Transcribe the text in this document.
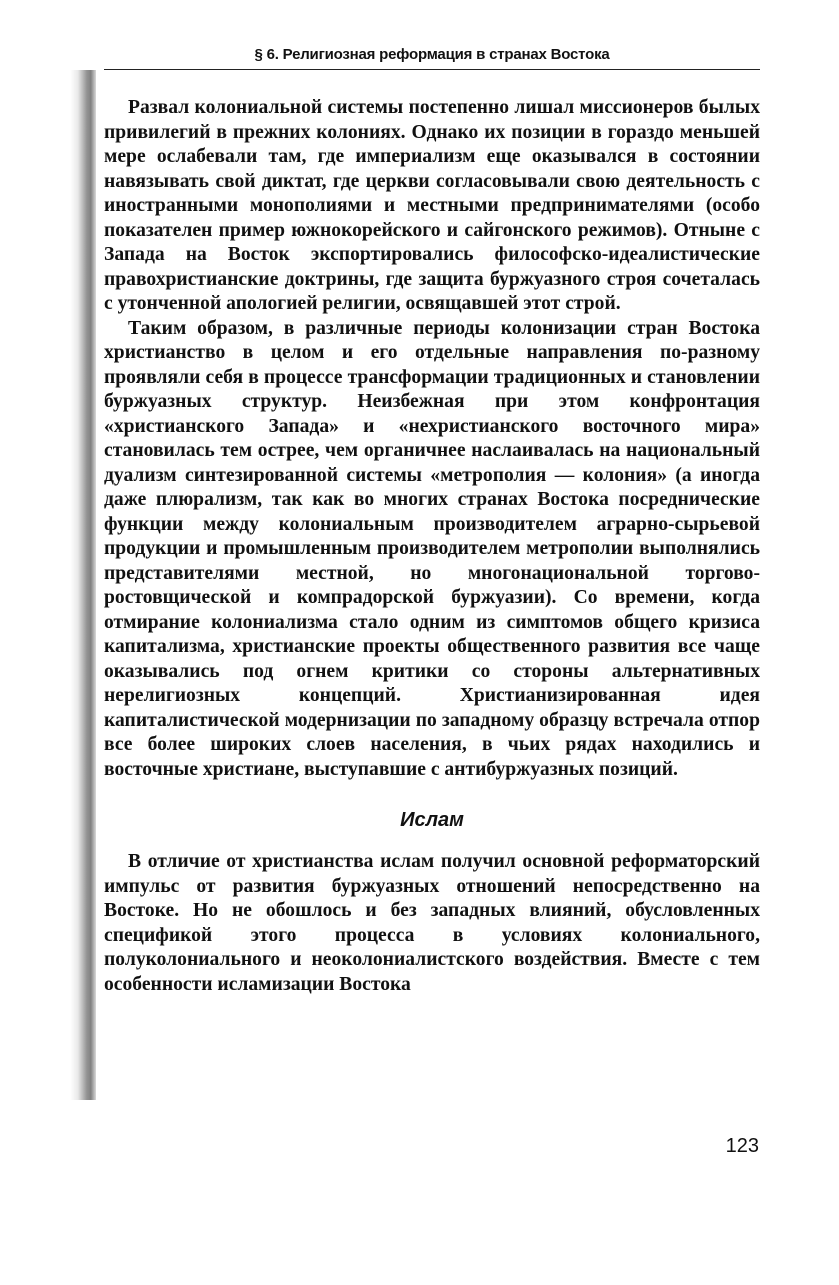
§ 6. Религиозная реформация в странах Востока

Развал колониальной системы постепенно лишал миссионеров былых привилегий в прежних колониях. Однако их позиции в гораздо меньшей мере ослабевали там, где империализм еще оказывался в состоянии навязывать свой диктат, где церкви согласовывали свою деятельность с иностранными монополиями и местными предпринимателями (особо показателен пример южнокорейского и сайгонского режимов). Отныне с Запада на Восток экспортировались философско-идеалистические правохристианские доктрины, где защита буржуазного строя сочеталась с утонченной апологией религии, освящавшей этот строй.

Таким образом, в различные периоды колонизации стран Востока христианство в целом и его отдельные направления по-разному проявляли себя в процессе трансформации традиционных и становлении буржуазных структур. Неизбежная при этом конфронтация «христианского Запада» и «нехристианского восточного мира» становилась тем острее, чем органичнее наслаивалась на национальный дуализм синтезированной системы «метрополия — колония» (а иногда даже плюрализм, так как во многих странах Востока посреднические функции между колониальным производителем аграрно-сырьевой продукции и промышленным производителем метрополии выполнялись представителями местной, но многонациональной торгово-ростовщической и компрадорской буржуазии). Со времени, когда отмирание колониализма стало одним из симптомов общего кризиса капитализма, христианские проекты общественного развития все чаще оказывались под огнем критики со стороны альтернативных нерелигиозных концепций. Христианизированная идея капиталистической модернизации по западному образцу встречала отпор все более широких слоев населения, в чьих рядах находились и восточные христиане, выступавшие с антибуржуазных позиций.

Ислам

В отличие от христианства ислам получил основной реформаторский импульс от развития буржуазных отношений непосредственно на Востоке. Но не обошлось и без западных влияний, обусловленных спецификой этого процесса в условиях колониального, полуколониального и неоколониалистского воздействия. Вместе с тем особенности исламизации Востока

123
